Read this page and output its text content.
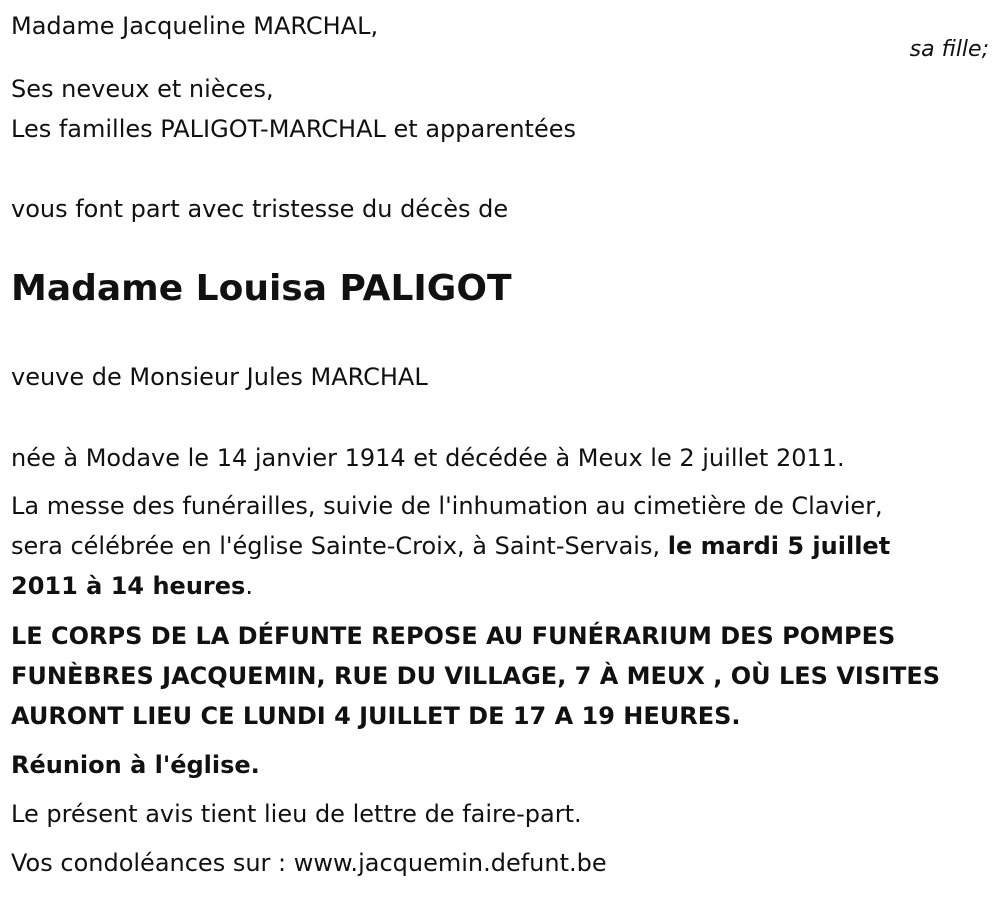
Madame Jacqueline MARCHAL,
sa fille;
Ses neveux et nièces,
Les familles PALIGOT-MARCHAL et apparentées
vous font part avec tristesse du décès de
Madame Louisa PALIGOT
veuve de Monsieur Jules MARCHAL
née à Modave le 14 janvier 1914 et décédée à Meux le 2 juillet 2011.
La messe des funérailles, suivie de l'inhumation au cimetière de Clavier,
sera célébrée en l'église Sainte-Croix, à Saint-Servais, le mardi 5 juillet
2011 à 14 heures.
LE CORPS DE LA DÉFUNTE REPOSE AU FUNÉRARIUM DES POMPES
FUNÈBRES JACQUEMIN, RUE DU VILLAGE, 7 À MEUX , OÙ LES VISITES
AURONT LIEU CE LUNDI 4 JUILLET DE 17 A 19 HEURES.
Réunion à l'église.
Le présent avis tient lieu de lettre de faire-part.
Vos condoléances sur : www.jacquemin.defunt.be
